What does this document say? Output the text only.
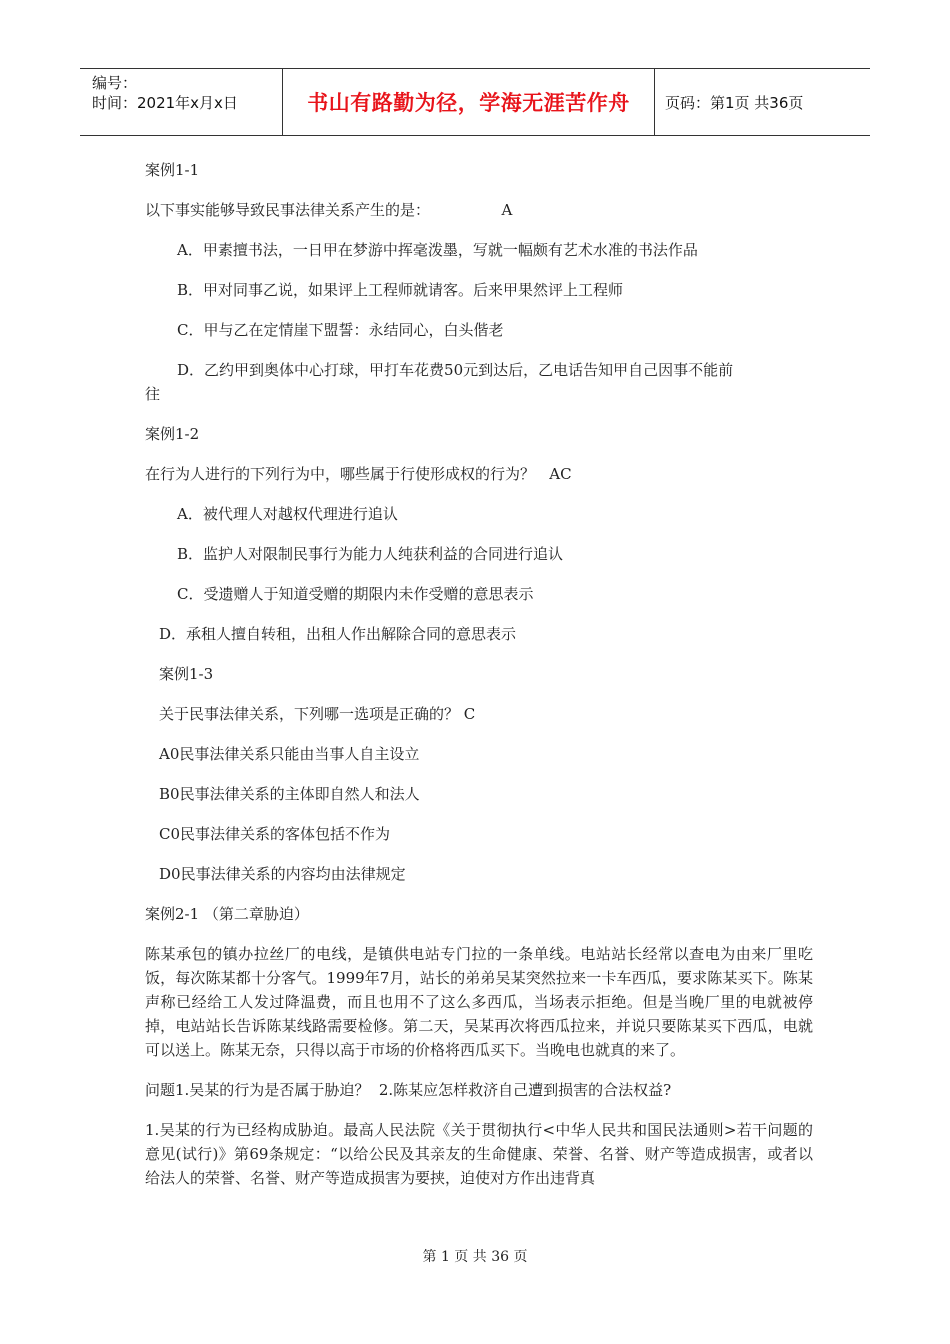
编号：
时间：2021年x月x日	书山有路勤为径，学海无涯苦作舟	页码：第1页 共36页

案例1-1

以下事实能够导致民事法律关系产生的是：               A

A．甲素擅书法，一日甲在梦游中挥毫泼墨，写就一幅颇有艺术水准的书法作品

B．甲对同事乙说，如果评上工程师就请客。后来甲果然评上工程师

C．甲与乙在定情崖下盟誓：永结同心，白头偕老

D．乙约甲到奥体中心打球，甲打车花费50元到达后，乙电话告知甲自己因事不能前

往

案例1-2

在行为人进行的下列行为中，哪些属于行使形成权的行为？   AC

A．被代理人对越权代理进行追认

B．监护人对限制民事行为能力人纯获利益的合同进行追认

C．受遗赠人于知道受赠的期限内未作受赠的意思表示

D．承租人擅自转租，出租人作出解除合同的意思表示

案例1-3

关于民事法律关系，下列哪一选项是正确的？ C

A0民事法律关系只能由当事人自主设立

B0民事法律关系的主体即自然人和法人

C0民事法律关系的客体包括不作为

D0民事法律关系的内容均由法律规定

案例2-1 （第二章胁迫）

陈某承包的镇办拉丝厂的电线，是镇供电站专门拉的一条单线。电站站长经常以查电为由来厂里吃饭，每次陈某都十分客气。1999年7月，站长的弟弟吴某突然拉来一卡车西瓜，要求陈某买下。陈某声称已经给工人发过降温费，而且也用不了这么多西瓜，当场表示拒绝。但是当晚厂里的电就被停掉，电站站长告诉陈某线路需要检修。第二天，吴某再次将西瓜拉来，并说只要陈某买下西瓜，电就可以送上。陈某无奈，只得以高于市场的价格将西瓜买下。当晚电也就真的来了。

问题1.吴某的行为是否属于胁迫？  2.陈某应怎样救济自己遭到损害的合法权益?

1.吴某的行为已经构成胁迫。最高人民法院《关于贯彻执行<中华人民共和国民法通则>若干问题的意见(试行)》第69条规定：“以给公民及其亲友的生命健康、荣誉、名誉、财产等造成损害，或者以给法人的荣誉、名誉、财产等造成损害为要挟，迫使对方作出违背真

第 1 页 共 36 页
